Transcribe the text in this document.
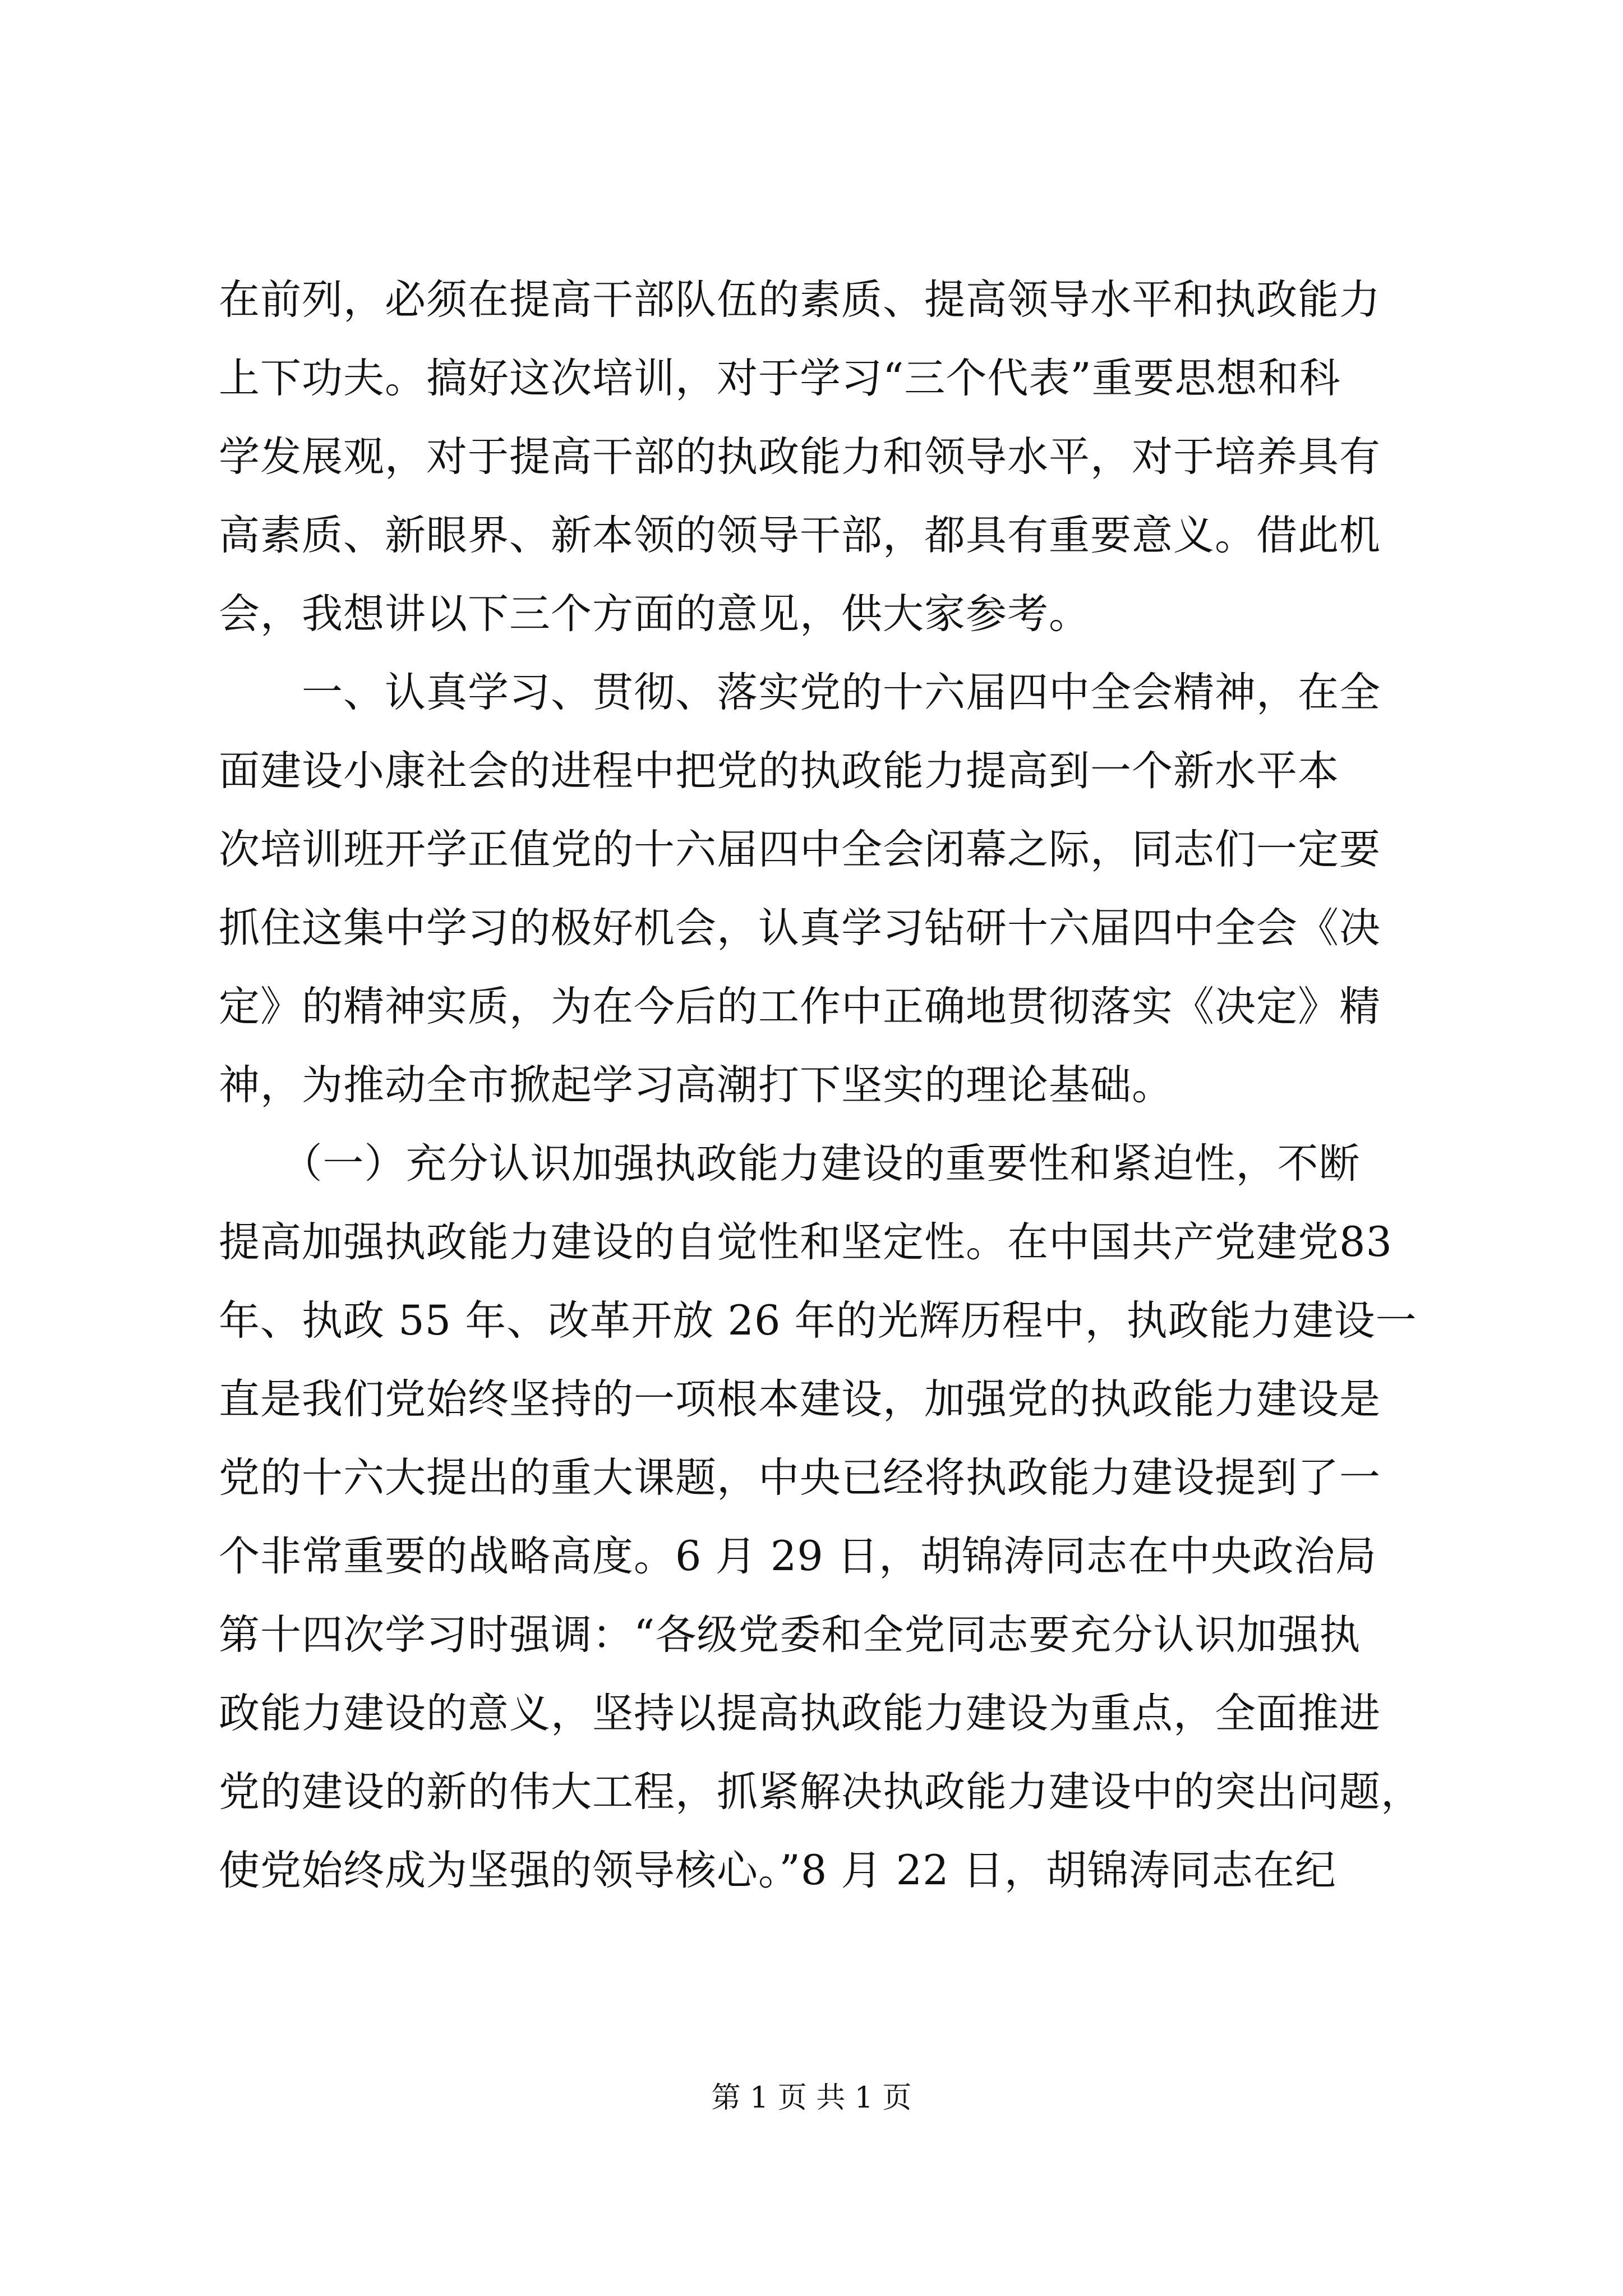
在前列，必须在提高干部队伍的素质、提高领导水平和执政能力
上下功夫。搞好这次培训，对于学习“三个代表”重要思想和科
学发展观，对于提高干部的执政能力和领导水平，对于培养具有
高素质、新眼界、新本领的领导干部，都具有重要意义。借此机
会，我想讲以下三个方面的意见，供大家参考。
　　一、认真学习、贯彻、落实党的十六届四中全会精神，在全
面建设小康社会的进程中把党的执政能力提高到一个新水平本
次培训班开学正值党的十六届四中全会闭幕之际，同志们一定要
抓住这集中学习的极好机会，认真学习钻研十六届四中全会《决
定》的精神实质，为在今后的工作中正确地贯彻落实《决定》精
神，为推动全市掀起学习高潮打下坚实的理论基础。
　　（一）充分认识加强执政能力建设的重要性和紧迫性，不断
提高加强执政能力建设的自觉性和坚定性。在中国共产党建党83
年、执政 55 年、改革开放 26 年的光辉历程中，执政能力建设一
直是我们党始终坚持的一项根本建设，加强党的执政能力建设是
党的十六大提出的重大课题，中央已经将执政能力建设提到了一
个非常重要的战略高度。6 月 29 日，胡锦涛同志在中央政治局
第十四次学习时强调：“各级党委和全党同志要充分认识加强执
政能力建设的意义，坚持以提高执政能力建设为重点，全面推进
党的建设的新的伟大工程，抓紧解决执政能力建设中的突出问题，
使党始终成为坚强的领导核心。”8 月 22 日，胡锦涛同志在纪
第 1 页 共 1 页
